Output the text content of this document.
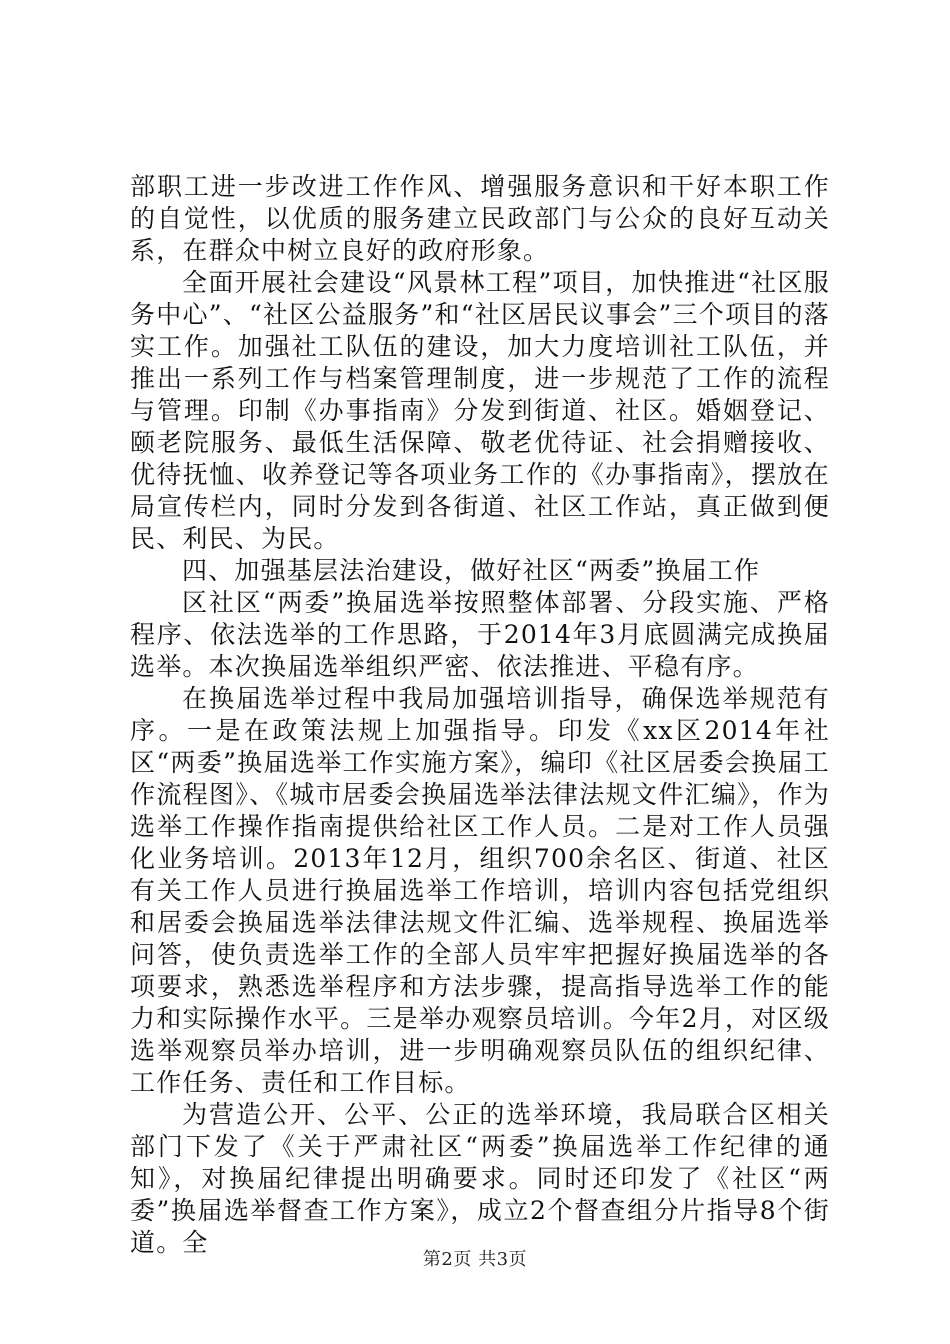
部职工进一步改进工作作风、增强服务意识和干好本职工作的自觉性，以优质的服务建立民政部门与公众的良好互动关系，在群众中树立良好的政府形象。

全面开展社会建设“风景林工程”项目，加快推进“社区服务中心”、“社区公益服务”和“社区居民议事会”三个项目的落实工作。加强社工队伍的建设，加大力度培训社工队伍，并推出一系列工作与档案管理制度，进一步规范了工作的流程与管理。印制《办事指南》分发到街道、社区。婚姻登记、颐老院服务、最低生活保障、敬老优待证、社会捐赠接收、优待抚恤、收养登记等各项业务工作的《办事指南》，摆放在局宣传栏内，同时分发到各街道、社区工作站，真正做到便民、利民、为民。

四、加强基层法治建设，做好社区“两委”换届工作

区社区“两委”换届选举按照整体部署、分段实施、严格程序、依法选举的工作思路，于2014年3月底圆满完成换届选举。本次换届选举组织严密、依法推进、平稳有序。

在换届选举过程中我局加强培训指导，确保选举规范有序。一是在政策法规上加强指导。印发《xx区2014年社区“两委”换届选举工作实施方案》，编印《社区居委会换届工作流程图》、《城市居委会换届选举法律法规文件汇编》，作为选举工作操作指南提供给社区工作人员。二是对工作人员强化业务培训。2013年12月，组织700余名区、街道、社区有关工作人员进行换届选举工作培训，培训内容包括党组织和居委会换届选举法律法规文件汇编、选举规程、换届选举问答，使负责选举工作的全部人员牢牢把握好换届选举的各项要求，熟悉选举程序和方法步骤，提高指导选举工作的能力和实际操作水平。三是举办观察员培训。今年2月，对区级选举观察员举办培训，进一步明确观察员队伍的组织纪律、工作任务、责任和工作目标。

为营造公开、公平、公正的选举环境，我局联合区相关部门下发了《关于严肃社区“两委”换届选举工作纪律的通知》，对换届纪律提出明确要求。同时还印发了《社区“两委”换届选举督查工作方案》，成立2个督查组分片指导8个街道。全

第2页 共3页
